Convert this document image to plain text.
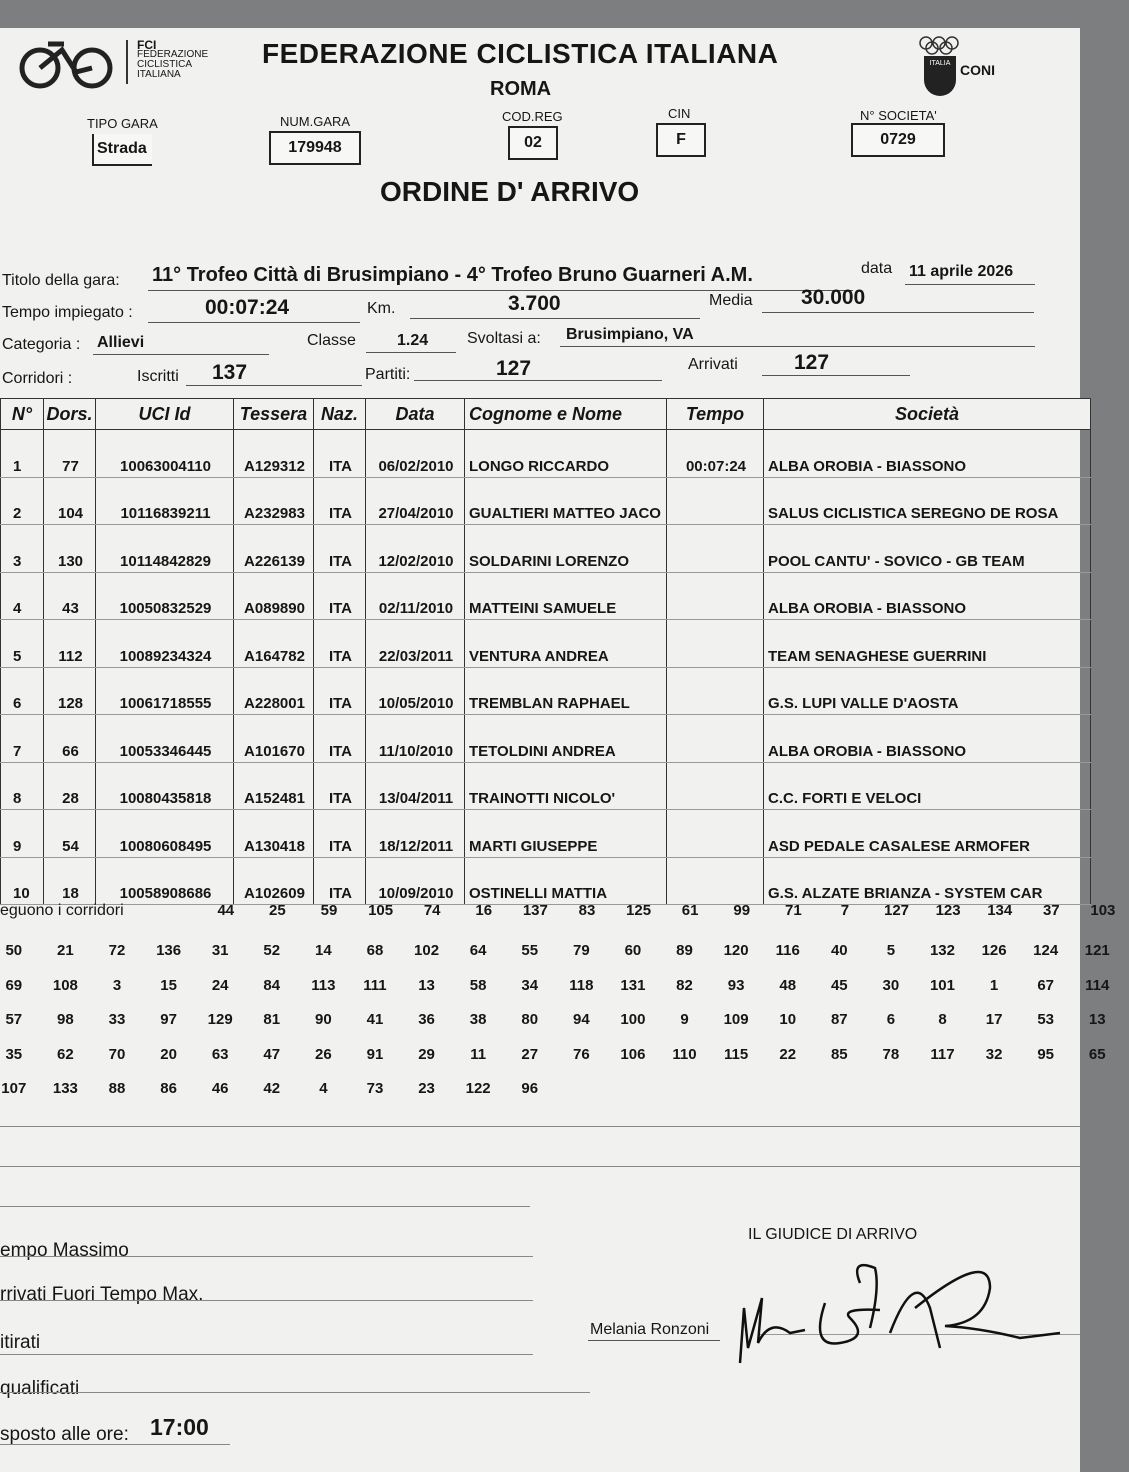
FCI
FEDERAZIONE
CICLISTICA
ITALIANA
FEDERAZIONE CICLISTICA ITALIANA
ROMA
ITALIA CONI
TIPO GARA
Strada
NUM.GARA
179948
COD.REG
02
CIN
F
N° SOCIETA'
0729
ORDINE D' ARRIVO
Titolo della gara: 11° Trofeo Città di Brusimpiano - 4° Trofeo Bruno Guarneri A.M.	data 11 aprile 2026
Tempo impiegato :	00:07:24	Km.	3.700	Media 30.000
Categoria : Allievi	Classe	1.24 Svoltasi a: Brusimpiano, VA
Corridori :	Iscritti 137	Partiti:	127	Arrivati	127
N°	Dors.	UCI Id	Tessera	Naz.	Data	Cognome e Nome	Tempo	Società
1	77	10063004110	A129312	ITA	06/02/2010	LONGO RICCARDO	00:07:24	ALBA OROBIA - BIASSONO
2	104	10116839211	A232983	ITA	27/04/2010	GUALTIERI MATTEO JACO		SALUS CICLISTICA SEREGNO DE ROSA
3	130	10114842829	A226139	ITA	12/02/2010	SOLDARINI LORENZO		POOL CANTU' - SOVICO - GB TEAM
4	43	10050832529	A089890	ITA	02/11/2010	MATTEINI SAMUELE		ALBA OROBIA - BIASSONO
5	112	10089234324	A164782	ITA	22/03/2011	VENTURA ANDREA		TEAM SENAGHESE GUERRINI
6	128	10061718555	A228001	ITA	10/05/2010	TREMBLAN RAPHAEL		G.S. LUPI VALLE D'AOSTA
7	66	10053346445	A101670	ITA	11/10/2010	TETOLDINI ANDREA		ALBA OROBIA - BIASSONO
8	28	10080435818	A152481	ITA	13/04/2011	TRAINOTTI NICOLO'		C.C. FORTI E VELOCI
9	54	10080608495	A130418	ITA	18/12/2011	MARTI GIUSEPPE		ASD PEDALE CASALESE ARMOFER
10	18	10058908686	A102609	ITA	10/09/2010	OSTINELLI MATTIA		G.S. ALZATE BRIANZA - SYSTEM CAR
eguono i corridori	44	25	59	105	74	16	137	83	125	61	99	71	7	127	123	134	37	103
50	21	72	136	31	52	14	68	102	64	55	79	60	89	120	116	40	5	132	126	124	121
69	108	3	15	24	84	113	111	13	58	34	118	131	82	93	48	45	30	101	1	67	114
57	98	33	97	129	81	90	41	36	38	80	94	100	9	109	10	87	6	8	17	53	13
35	62	70	20	63	47	26	91	29	11	27	76	106	110	115	22	85	78	117	32	95	65
107	133	88	86	46	42	4	73	23	122	96
empo Massimo
rrivati Fuori Tempo Max.
itirati
qualificati
sposto alle ore: 17:00
IL GIUDICE DI ARRIVO
Melania Ronzoni
